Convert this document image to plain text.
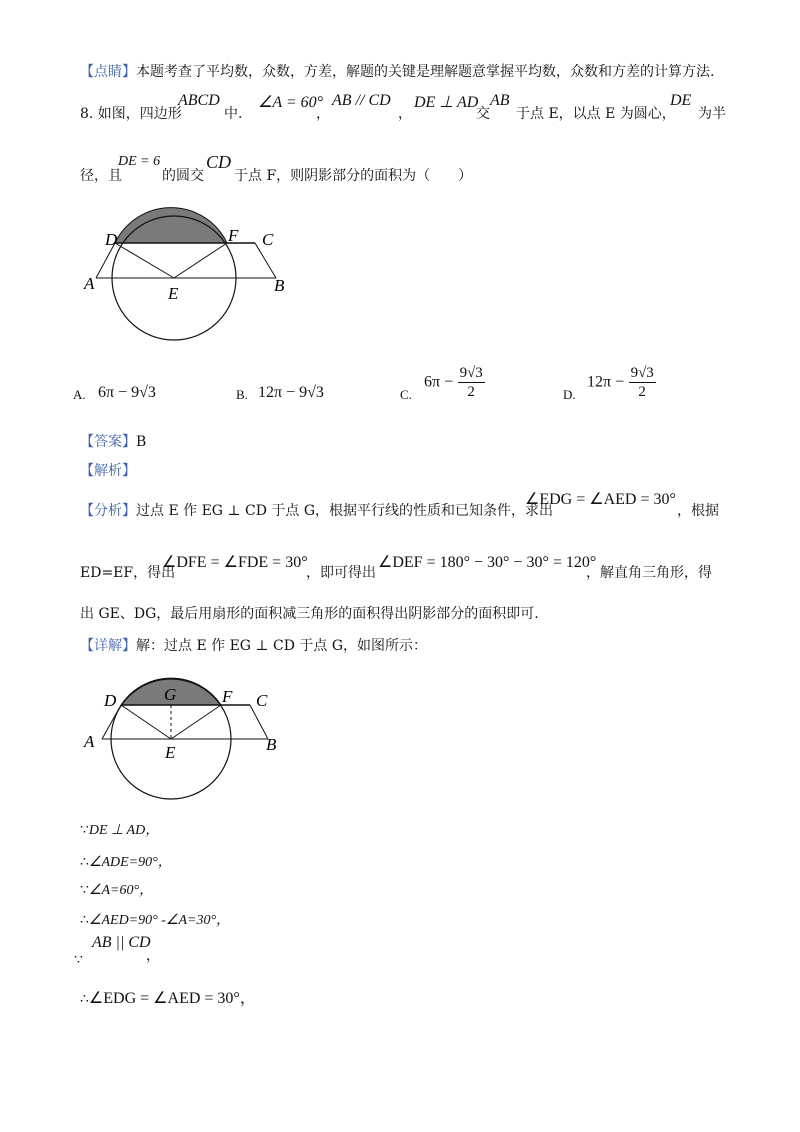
【点睛】本题考查了平均数，众数，方差，解题的关键是理解题意掌握平均数，众数和方差的计算方法.
8. 如图，四边形
ABCD
中.
∠A = 60°
，
AB // CD
，
DE ⊥ AD
交
AB
于点 E，以点 E 为圆心，
DE
为半
径，且
DE = 6
的圆交
CD
于点 F，则阴影部分的面积为（　　）
D	F C
A
E	B
A. 6π − 9√3	B. 12π − 9√3	C.
$6\pi - \frac{9√3}{2}$	D.
$12\pi - \frac{9√3}{2}$
【答案】B
【解析】
【分析】过点 E 作 EG ⊥ CD 于点 G，根据平行线的性质和已知条件，求出
∠EDG = ∠AED = 30°
，根据
ED=EF，得出
∠DFE = ∠FDE = 30°
，即可得出
∠DEF = 180° − 30° − 30° = 120°
，解直角三角形，得
出 GE、DG，最后用扇形的面积减三角形的面积得出阴影部分的面积即可.
【详解】解：过点 E 作 EG ⊥ CD 于点 G，如图所示：
D	G	F C
A
E	B
∵DE ⊥ AD，
∴∠ADE=90°，
∵∠A=60°，
∴∠AED=90° -∠A=30°，
∵
AB || CD
，
∴∠EDG = ∠AED = 30°，
